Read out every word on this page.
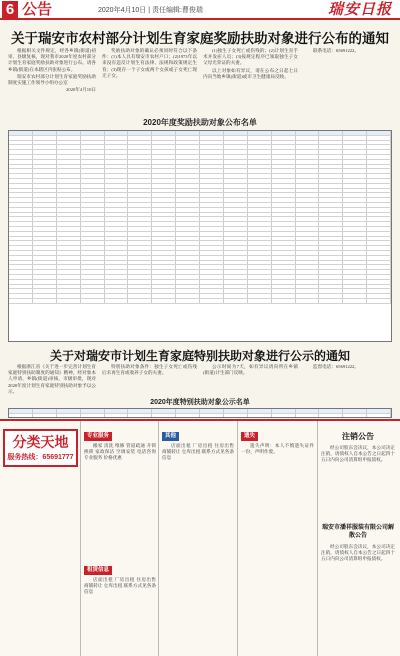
6 公告	2020年4月10日 | 责任编辑:曹俊瑞	瑞安日报
关于瑞安市农村部分计划生育家庭奖励扶助对象进行公布的通知

根据相关文件规定，经各乡镇(街道)初审、县级复核，现对我市2020年度农村部分计划生育家庭奖励扶助对象进行公布。请各乡镇(街道)在本辖区内张贴公布。

瑞安市农村部分计划生育家庭奖励扶助制度实施工作领导小组办公室

2020年4月10日

奖励扶助对象的确认必须同时符合以下条件：(1)本人具有瑞安市农村户口；(2)1973年以来没有违反计划生育法律、法规和政策规定生育；(3)现存一个子女或两个女孩或子女死亡现无子女。

(1)独生子女死亡或伤残的；(2)计划生育手术并发症人员；(3)按规定程序已领取独生子女父母光荣证的夫妻。

以上对象如有异议，请在公布之日起七日内向当地乡镇(街道)或市卫生健康局反映。

联系电话：65691222。

2020年度奖励扶助对象公布名单
关于对瑞安市计划生育家庭特别扶助对象进行公示的通知

根据浙江省《关于进一步完善计划生育家庭特别扶助制度的通知》精神，经对象本人申请、乡镇(街道)审核、市级审批，现对2020年度计划生育家庭特别扶助对象予以公示。

特别扶助对象条件：独生子女死亡或伤残后未再生育或收养子女的夫妻。

公示时间为7天，如有异议请向所在乡镇(街道)计生部门反映。

监督电话：65691222。

2020年度特别扶助对象公示名单
分类天地
服务热线：65691777
专业服务

搬家 清洗 维修 管道疏通 开锁换锁 家政保洁 空调安装 电话咨询 专业服务 价格优惠

租赁信息

店面出租 厂房出租 住房出售 商铺转让 仓库出租 联系方式见各条信息

其他

店面出租 厂房出租 住房出售 商铺转让 仓库出租 联系方式见各条信息

遗失

遗失声明：本人不慎遗失证件一份，声明作废。

注销公告

经公司股东会决议，本公司决定注销，请债权人自本公告之日起四十五日内向公司清算组申报债权。

瑞安市潘祥服装有限公司解散公告

经公司股东会决议，本公司决定注销，请债权人自本公告之日起四十五日内向公司清算组申报债权。
